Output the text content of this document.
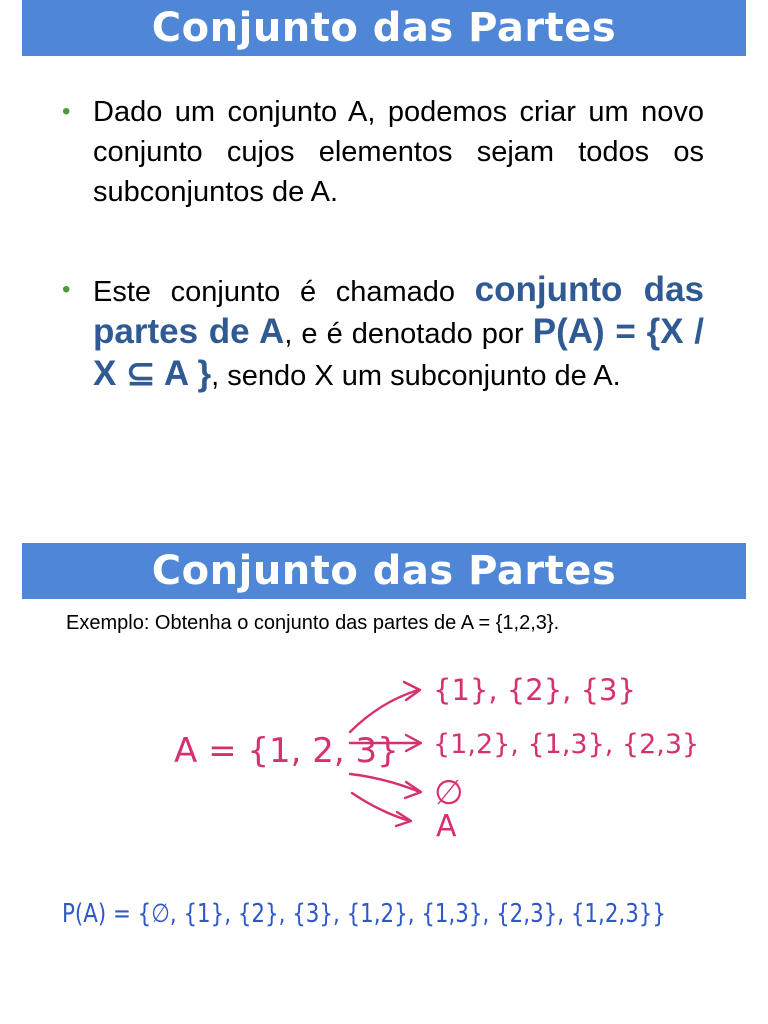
Conjunto das Partes
• Dado um conjunto A, podemos criar um novo conjunto cujos elementos sejam todos os subconjuntos de A.
• Este conjunto é chamado conjunto das partes de A, e é denotado por P(A) = {X / X ⊆ A }, sendo X um subconjunto de A.
Conjunto das Partes
Exemplo: Obtenha o conjunto das partes de A = {1,2,3}.
A = {1, 2, 3}
{1}, {2}, {3}
{1,2}, {1,3}, {2,3}
∅
A
P(A) = {∅, {1}, {2}, {3}, {1,2}, {1,3}, {2,3}, {1,2,3}}
